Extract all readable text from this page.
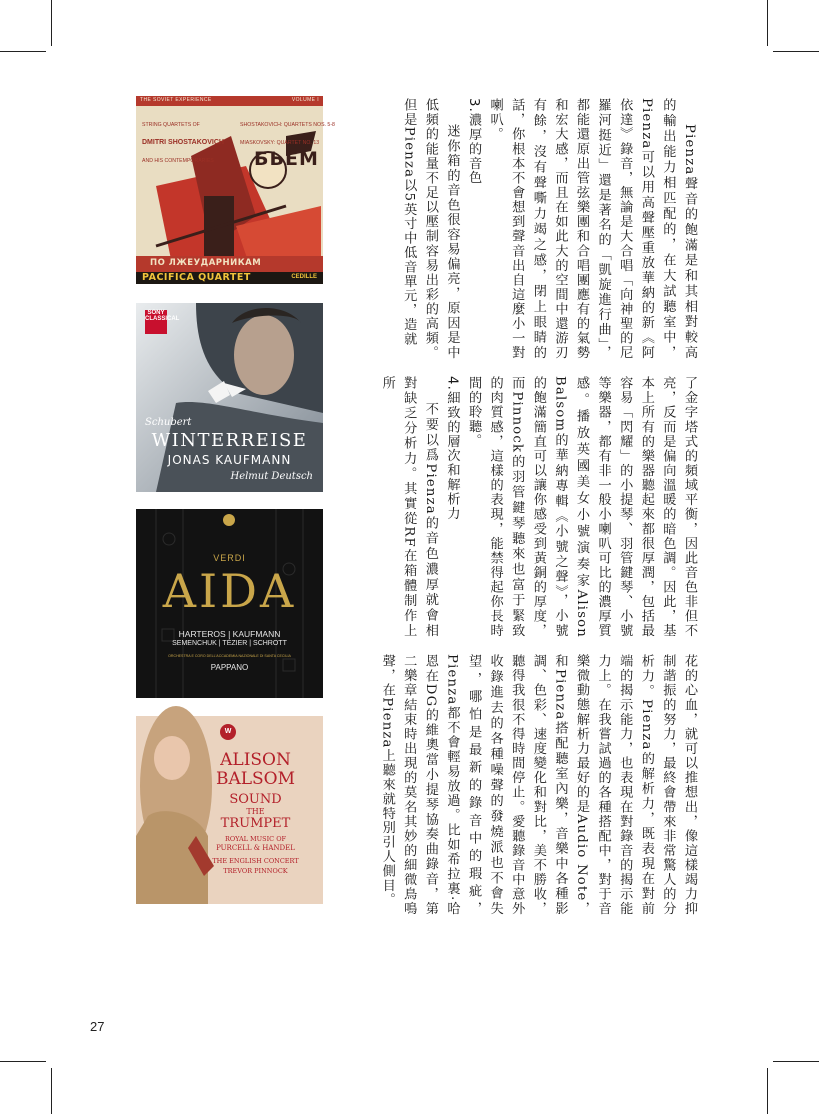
THE SOVIET EXPERIENCE	VOLUME I

STRING QUARTETS OF

DMITRI SHOSTAKOVICH

AND HIS CONTEMPORARIES

SHOSTAKOVICH: QUARTETS NOS. 5-8

MIASKOVSKY: QUARTET NO. 13

БЬЕМ
ПО ЛЖЕУДАРНИКАМ
PACIFICA QUARTET	CEDILLE
SONY CLASSICAL
Schubert
WINTERREISE
JONAS KAUFMANN
Helmut Deutsch
VERDI
AIDA
HARTEROS | KAUFMANN
SEMENCHUK | TÉZIER | SCHROTT
ORCHESTRA E CORO DELL'ACCADEMIA NAZIONALE DI SANTA CECILIA
PAPPANO
W
ALISON
BALSOM
SOUND
THE
TRUMPET
ROYAL MUSIC OF
PURCELL & HANDEL
THE ENGLISH CONCERT
TREVOR PINNOCK

Pienza聲音的飽滿是和其相對較高的輸出能力相匹配的，在大試聽室中，Pienza可以用高聲壓重放華納的新《阿依達》錄音，無論是大合唱「向神聖的尼羅河挺近」還是著名的「凱旋進行曲」，都能還原出管弦樂團和合唱團應有的氣勢和宏大感，而且在如此大的空間中還游刃有餘，沒有聲嘶力竭之感，閉上眼睛的話，你根本不會想到聲音出自這麼小一對喇叭。

3.濃厚的音色

迷你箱的音色很容易偏亮，原因是中低頻的能量不足以壓制容易出彩的高頻。但是Pienza以5英寸中低音單元，造就

了金字塔式的頻域平衡，因此音色非但不亮，反而是偏向溫暖的暗色調。因此，基本上所有的樂器聽起來都很厚潤，包括最容易「閃耀」的小提琴、羽管鍵琴、小號等樂器，都有非一般小喇叭可比的濃厚質感。播放英國美女小號演奏家Alison Balsom的華納專輯《小號之聲》，小號的飽滿簡直可以讓你感受到黃銅的厚度，而Pinnock的羽管鍵琴聽來也富于緊致的肉質感，這樣的表現，能禁得起你長時間的聆聽。

4.細致的層次和解析力

不要以爲Pienza的音色濃厚就會相對缺乏分析力。其實從RF在箱體制作上所

花的心血，就可以推想出，像這樣竭力抑制諧振的努力，最終會帶來非常驚人的分析力。Pienza的解析力，既表現在對前端的揭示能力，也表現在對錄音的揭示能力上。在我嘗試過的各種搭配中，對于音樂微動態解析力最好的是Audio Note，和Pienza搭配聽室內樂，音樂中各種影調、色彩、速度變化和對比，美不勝收，聽得我很不得時間停止。愛聽錄音中意外收錄進去的各種噪聲的發燒派也不會失望，哪怕是最新的錄音中的瑕疵，Pienza都不會輕易放過。比如希拉裏·哈恩在DG的維奧當小提琴協奏曲錄音，第二樂章結束時出現的莫名其妙的細微鳥鳴聲，在Pienza上聽來就特別引人側目。

27
